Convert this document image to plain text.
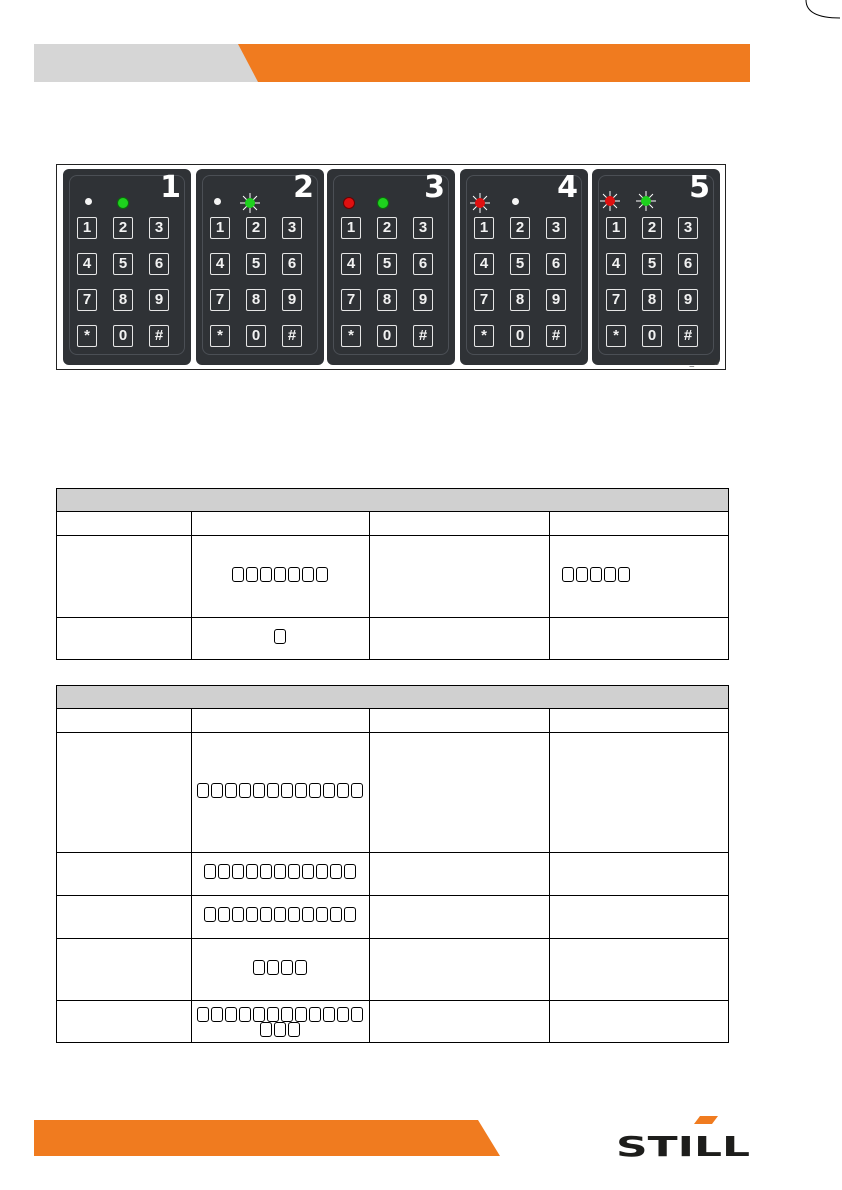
1
1	2	3
4	5	6
7	8	9
*	0	#
2
1	2	3
4	5	6
7	8	9
*	0	#
3
1	2	3
4	5	6
7	8	9
*	0	#
4
1	2	3
4	5	6
7	8	9
*	0	#
5
1	2	3
4	5	6
7	8	9
*	0	#
115200_06-033

STILL
